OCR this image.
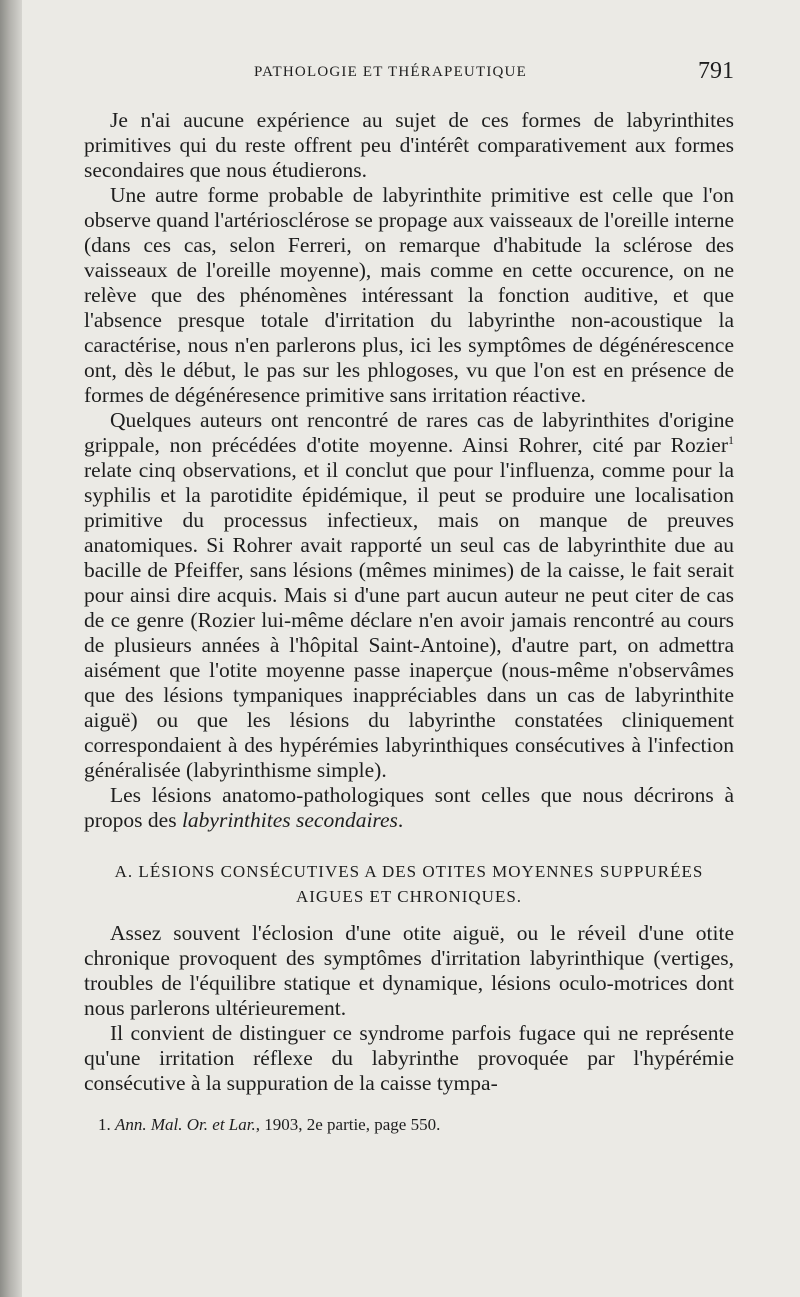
PATHOLOGIE ET THÉRAPEUTIQUE	791

Je n'ai aucune expérience au sujet de ces formes de labyrinthites primitives qui du reste offrent peu d'intérêt comparativement aux formes secondaires que nous étudierons.

Une autre forme probable de labyrinthite primitive est celle que l'on observe quand l'artériosclérose se propage aux vaisseaux de l'oreille interne (dans ces cas, selon Ferreri, on remarque d'habitude la sclérose des vaisseaux de l'oreille moyenne), mais comme en cette occurence, on ne relève que des phénomènes intéressant la fonction auditive, et que l'absence presque totale d'irritation du labyrinthe non-acoustique la caractérise, nous n'en parlerons plus, ici les symptômes de dégénérescence ont, dès le début, le pas sur les phlogoses, vu que l'on est en présence de formes de dégénéresence primitive sans irritation réactive.

Quelques auteurs ont rencontré de rares cas de labyrinthites d'origine grippale, non précédées d'otite moyenne. Ainsi Rohrer, cité par Rozier$^1$ relate cinq observations, et il conclut que pour l'influenza, comme pour la syphilis et la parotidite épidémique, il peut se produire une localisation primitive du processus infectieux, mais on manque de preuves anatomiques. Si Rohrer avait rapporté un seul cas de labyrinthite due au bacille de Pfeiffer, sans lésions (mêmes minimes) de la caisse, le fait serait pour ainsi dire acquis. Mais si d'une part aucun auteur ne peut citer de cas de ce genre (Rozier lui-même déclare n'en avoir jamais rencontré au cours de plusieurs années à l'hôpital Saint-Antoine), d'autre part, on admettra aisément que l'otite moyenne passe inaperçue (nous-même n'observâmes que des lésions tympaniques inappréciables dans un cas de labyrinthite aiguë) ou que les lésions du labyrinthe constatées cliniquement correspondaient à des hypérémies labyrinthiques consécutives à l'infection généralisée (labyrinthisme simple).

Les lésions anatomo-pathologiques sont celles que nous décrirons à propos des labyrinthites secondaires.

A. LÉSIONS CONSÉCUTIVES A DES OTITES MOYENNES SUPPURÉES AIGUES ET CHRONIQUES.

Assez souvent l'éclosion d'une otite aiguë, ou le réveil d'une otite chronique provoquent des symptômes d'irritation labyrinthique (vertiges, troubles de l'équilibre statique et dynamique, lésions oculo-motrices dont nous parlerons ultérieurement.

Il convient de distinguer ce syndrome parfois fugace qui ne représente qu'une irritation réflexe du labyrinthe provoquée par l'hypérémie consécutive à la suppuration de la caisse tympa-

1. Ann. Mal. Or. et Lar., 1903, 2e partie, page 550.
